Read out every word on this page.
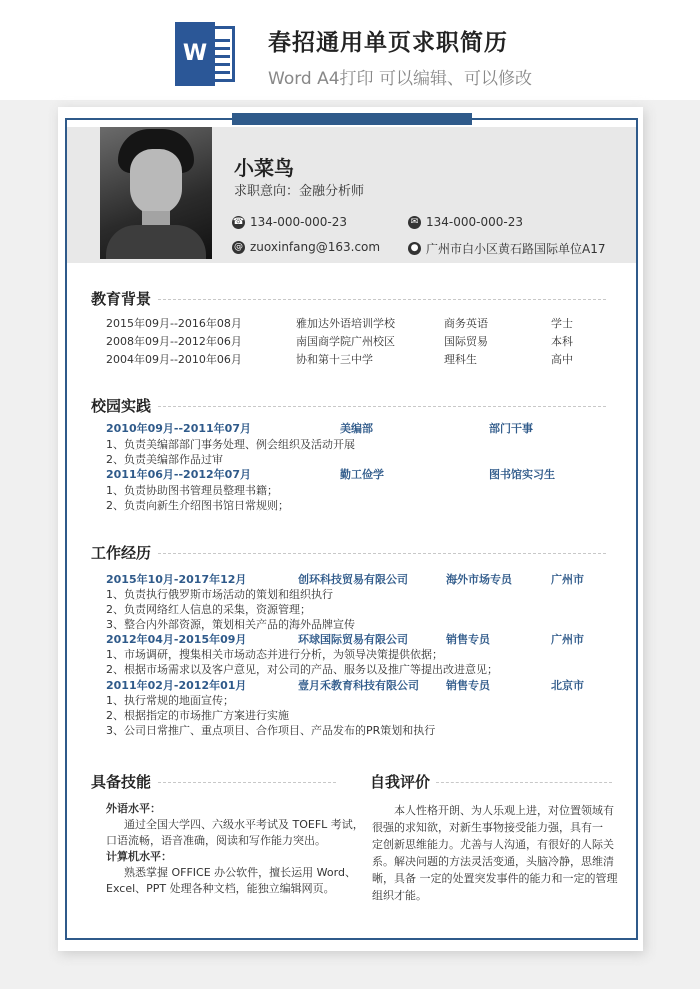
W	春招通用单页求职简历
Word A4打印 可以编辑、可以修改
小菜鸟
求职意向：金融分析师
☎ 134-000-000-23	✉ 134-000-000-23
@ zuoxinfang@163.com	● 广州市白小区黄石路国际单位A17

教育背景
2015年09月--2016年08月	雅加达外语培训学校	商务英语	学士
2008年09月--2012年06月	南国商学院广州校区	国际贸易	本科
2004年09月--2010年06月	协和第十三中学	理科生	高中
校园实践
2010年09月--2011年07月	美编部	部门干事
1、负责美编部部门事务处理、例会组织及活动开展
2、负责美编部作品过审
2011年06月--2012年07月	勤工俭学	图书馆实习生
1、负责协助图书管理员整理书籍；
2、负责向新生介绍图书馆日常规则；
工作经历
2015年10月-2017年12月	创环科技贸易有限公司	海外市场专员	广州市
1、负责执行俄罗斯市场活动的策划和组织执行
2、负责网络红人信息的采集，资源管理；
3、整合内外部资源，策划相关产品的海外品牌宣传
2012年04月-2015年09月	环球国际贸易有限公司	销售专员	广州市
1、市场调研，搜集相关市场动态并进行分析，为领导决策提供依据；
2、根据市场需求以及客户意见，对公司的产品、服务以及推广等提出改进意见；
2011年02月-2012年01月	壹月禾教育科技有限公司 销售专员	北京市
1、执行常规的地面宣传；
2、根据指定的市场推广方案进行实施
3、公司日常推广、重点项目、合作项目、产品发布的PR策划和执行
具备技能
外语水平：
通过全国大学四、六级水平考试及 TOEFL 考试，
口语流畅，语音准确，阅读和写作能力突出。
计算机水平：
熟悉掌握 OFFICE 办公软件，擅长运用 Word、
Excel、PPT 处理各种文档，能独立编辑网页。
自我评价
本人性格开朗、为人乐观上进，对位置领域有
很强的求知欲，对新生事物接受能力强，具有一
定创新思维能力。尤善与人沟通，有很好的人际关
系。解决问题的方法灵活变通，头脑冷静，思维清
晰，具备 一定的处置突发事件的能力和一定的管理
组织才能。
